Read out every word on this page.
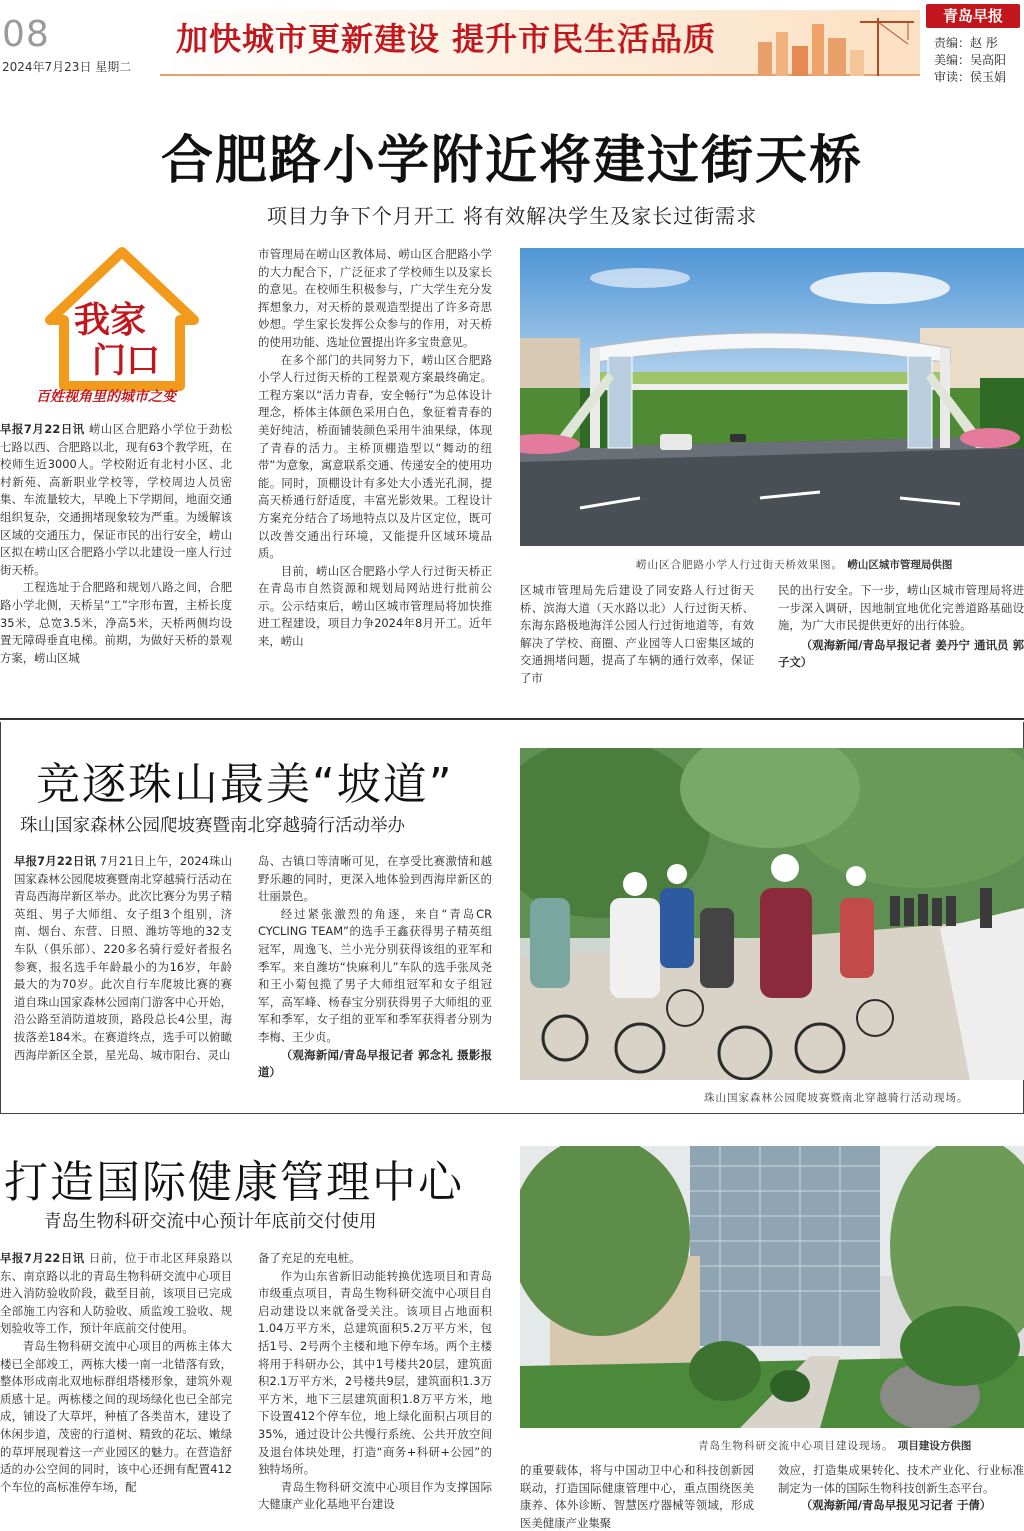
08
2024年7月23日 星期二
加快城市更新建设 提升市民生活品质
青岛早报
责编：赵 彤
美编：吴高阳
审读：侯玉娟
合肥路小学附近将建过街天桥
项目力争下个月开工 将有效解决学生及家长过街需求
我家
门口
百姓视角里的城市之变

早报7月22日讯 崂山区合肥路小学位于劲松七路以西、合肥路以北，现有63个教学班，在校师生近3000人。学校附近有北村小区、北村新苑、高新职业学校等，学校周边人员密集、车流量较大，早晚上下学期间，地面交通组织复杂，交通拥堵现象较为严重。为缓解该区域的交通压力，保证市民的出行安全，崂山区拟在崂山区合肥路小学以北建设一座人行过街天桥。

工程选址于合肥路和规划八路之间，合肥路小学北侧，天桥呈“工”字形布置，主桥长度35米，总宽3.5米，净高5米，天桥两侧均设置无障碍垂直电梯。前期，为做好天桥的景观方案，崂山区城

市管理局在崂山区教体局、崂山区合肥路小学的大力配合下，广泛征求了学校师生以及家长的意见。在校师生积极参与，广大学生充分发挥想象力，对天桥的景观造型提出了许多奇思妙想。学生家长发挥公众参与的作用，对天桥的使用功能、选址位置提出许多宝贵意见。

在多个部门的共同努力下，崂山区合肥路小学人行过街天桥的工程景观方案最终确定。工程方案以“活力青春，安全畅行”为总体设计理念，桥体主体颜色采用白色，象征着青春的美好纯洁，桥面铺装颜色采用牛油果绿，体现了青春的活力。主桥顶棚造型以“舞动的纽带”为意象，寓意联系交通、传递安全的使用功能。同时，顶棚设计有多处大小透光孔洞，提高天桥通行舒适度，丰富光影效果。工程设计方案充分结合了场地特点以及片区定位，既可以改善交通出行环境，又能提升区域环境品质。

目前，崂山区合肥路小学人行过街天桥正在青岛市自然资源和规划局网站进行批前公示。公示结束后，崂山区城市管理局将加快推进工程建设，项目力争2024年8月开工。近年来，崂山

崂山区合肥路小学人行过街天桥效果图。 崂山区城市管理局供图

区城市管理局先后建设了同安路人行过街天桥、滨海大道（天水路以北）人行过街天桥、东海东路极地海洋公园人行过街地道等，有效解决了学校、商圈、产业园等人口密集区域的交通拥堵问题，提高了车辆的通行效率，保证了市

民的出行安全。下一步，崂山区城市管理局将进一步深入调研，因地制宜地优化完善道路基础设施，为广大市民提供更好的出行体验。

（观海新闻/青岛早报记者 姜丹宁 通讯员 郭子文）

竞逐珠山最美“坡道”
珠山国家森林公园爬坡赛暨南北穿越骑行活动举办

早报7月22日讯 7月21日上午，2024珠山国家森林公园爬坡赛暨南北穿越骑行活动在青岛西海岸新区举办。此次比赛分为男子精英组、男子大师组、女子组3个组别，济南、烟台、东营、日照、潍坊等地的32支车队（俱乐部）、220多名骑行爱好者报名参赛，报名选手年龄最小的为16岁，年龄最大的为70岁。此次自行车爬坡比赛的赛道自珠山国家森林公园南门游客中心开始，沿公路至消防道坡顶，路段总长4公里，海拔落差184米。在赛道终点，选手可以俯瞰西海岸新区全景，星光岛、城市阳台、灵山

岛、古镇口等清晰可见，在享受比赛激情和越野乐趣的同时，更深入地体验到西海岸新区的壮丽景色。

经过紧张激烈的角逐，来自“青岛CR CYCLING TEAM”的选手王鑫获得男子精英组冠军，周逸飞、兰小光分别获得该组的亚军和季军。来自潍坊“快麻利儿”车队的选手张凤尧和王小菊包揽了男子大师组冠军和女子组冠军，高军峰、杨春宝分别获得男子大师组的亚军和季军，女子组的亚军和季军获得者分别为李梅、王少贞。

（观海新闻/青岛早报记者 郭念礼 摄影报道）

珠山国家森林公园爬坡赛暨南北穿越骑行活动现场。
打造国际健康管理中心
青岛生物科研交流中心预计年底前交付使用

早报7月22日讯 日前，位于市北区拜泉路以东、南京路以北的青岛生物科研交流中心项目进入消防验收阶段，截至目前，该项目已完成全部施工内容和人防验收、质监竣工验收、规划验收等工作，预计年底前交付使用。

青岛生物科研交流中心项目的两栋主体大楼已全部竣工，两栋大楼一南一北错落有致，整体形成南北双地标群组塔楼形象，建筑外观质感十足。两栋楼之间的现场绿化也已全部完成，铺设了大草坪，种植了各类苗木，建设了休闲步道，茂密的行道树、精致的花坛、嫩绿的草坪展现着这一产业园区的魅力。在营造舒适的办公空间的同时，该中心还拥有配置412个车位的高标准停车场，配

备了充足的充电桩。

作为山东省新旧动能转换优选项目和青岛市级重点项目，青岛生物科研交流中心项目自启动建设以来就备受关注。该项目占地面积1.04万平方米，总建筑面积5.2万平方米，包括1号、2号两个主楼和地下停车场。两个主楼将用于科研办公，其中1号楼共20层，建筑面积2.1万平方米，2号楼共9层，建筑面积1.3万平方米，地下三层建筑面积1.8万平方米，地下设置412个停车位，地上绿化面积占项目的35%，通过设计公共慢行系统、公共开放空间及退台体块处理，打造“商务+科研+公园”的独特场所。

青岛生物科研交流中心项目作为支撑国际大健康产业化基地平台建设

青岛生物科研交流中心项目建设现场。 项目建设方供图

的重要载体，将与中国动卫中心和科技创新园联动，打造国际健康管理中心，重点围绕医美康养、体外诊断、智慧医疗器械等领域，形成医美健康产业集聚

效应，打造集成果转化、技术产业化、行业标准制定为一体的国际生物科技创新生态平台。

（观海新闻/青岛早报见习记者 于倩）
